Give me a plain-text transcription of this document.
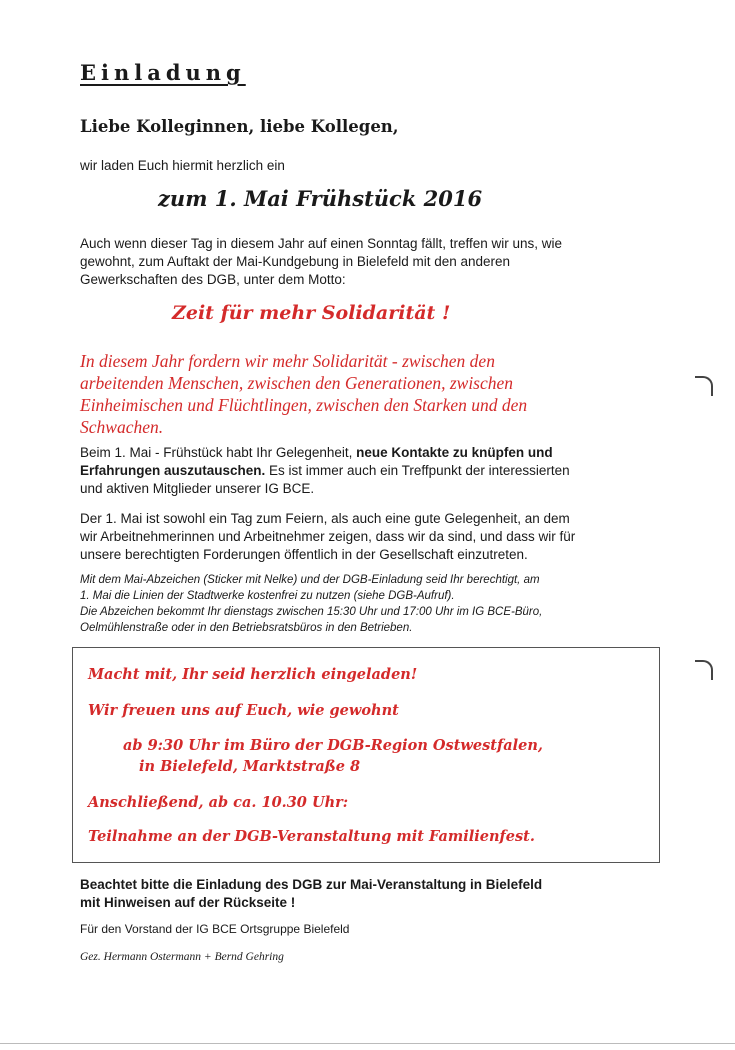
Einladung

Liebe Kolleginnen, liebe Kollegen,

wir laden Euch hiermit herzlich ein

zum 1. Mai Frühstück 2016
Auch wenn dieser Tag in diesem Jahr auf einen Sonntag fällt, treffen wir uns, wie
gewohnt, zum Auftakt der Mai-Kundgebung in Bielefeld mit den anderen
Gewerkschaften des DGB, unter dem Motto:

Zeit für mehr Solidarität !

In diesem Jahr fordern wir mehr Solidarität - zwischen den
arbeitenden Menschen, zwischen den Generationen, zwischen
Einheimischen und Flüchtlingen, zwischen den Starken und den
Schwachen.
Beim 1. Mai - Frühstück habt Ihr Gelegenheit, neue Kontakte zu knüpfen und
Erfahrungen auszutauschen. Es ist immer auch ein Treffpunkt der interessierten
und aktiven Mitglieder unserer IG BCE.
Der 1. Mai ist sowohl ein Tag zum Feiern, als auch eine gute Gelegenheit, an dem
wir Arbeitnehmerinnen und Arbeitnehmer zeigen, dass wir da sind, und dass wir für
unsere berechtigten Forderungen öffentlich in der Gesellschaft einzutreten.
Mit dem Mai-Abzeichen (Sticker mit Nelke) und der DGB-Einladung seid Ihr berechtigt, am
1. Mai die Linien der Stadtwerke kostenfrei zu nutzen (siehe DGB-Aufruf).
Die Abzeichen bekommt Ihr dienstags zwischen 15:30 Uhr und 17:00 Uhr im IG BCE-Büro,
Oelmühlenstraße oder in den Betriebsratsbüros in den Betrieben.

Macht mit, Ihr seid herzlich eingeladen!

Wir freuen uns auf Euch, wie gewohnt

ab 9:30 Uhr im Büro der DGB-Region Ostwestfalen,

in Bielefeld, Marktstraße 8

Anschließend, ab ca. 10.30 Uhr:

Teilnahme an der DGB-Veranstaltung mit Familienfest.

Beachtet bitte die Einladung des DGB zur Mai-Veranstaltung in Bielefeld
mit Hinweisen auf der Rückseite !

Für den Vorstand der IG BCE Ortsgruppe Bielefeld

Gez. Hermann Ostermann + Bernd Gehring
